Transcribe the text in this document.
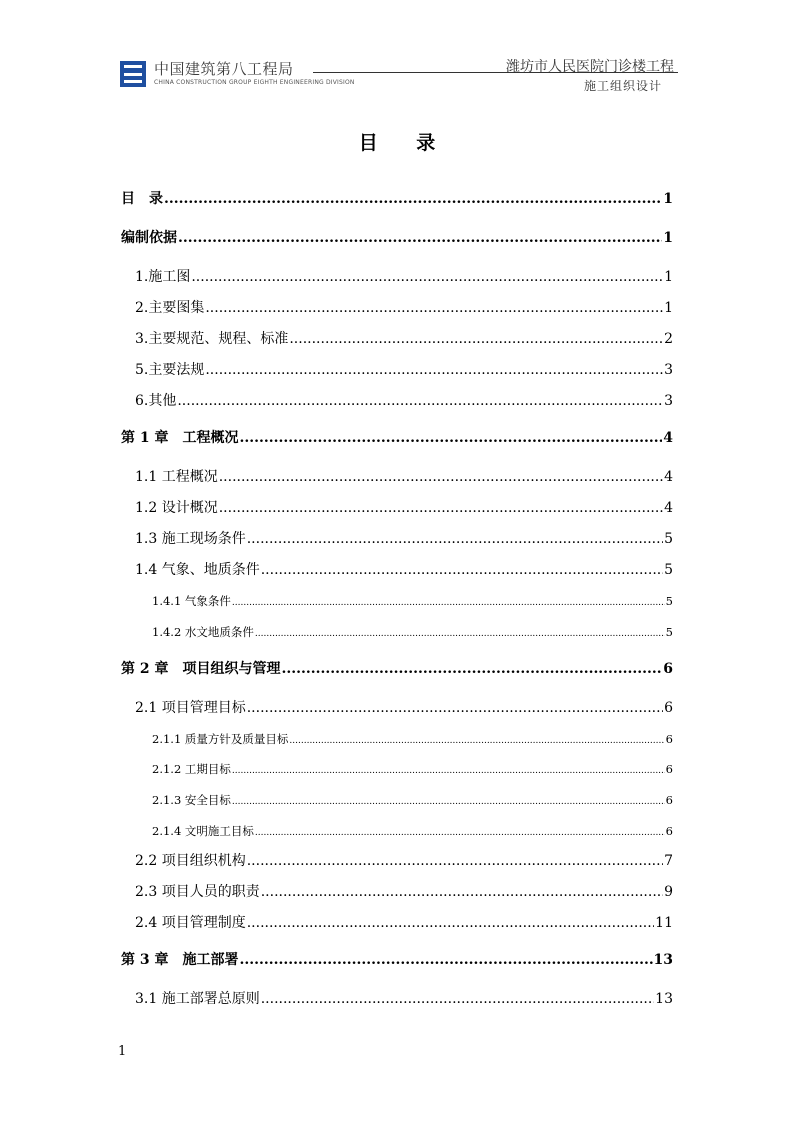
中国建筑第八工程局
CHINA CONSTRUCTION GROUP EIGHTH ENGINEERING DIVISION
潍坊市人民医院门诊楼工程
施工组织设计
目 录
目　录 .....	1
编制依据 .....	1
1.施工图 .....	1
2.主要图集 .....	1
3.主要规范、规程、标准 .....	2
5.主要法规 .....	3
6.其他 .....	3
第 1 章　工程概况 .....	4
1.1 工程概况 .....	4
1.2 设计概况 .....	4
1.3 施工现场条件 .....	5
1.4 气象、地质条件 .....	5
1.4.1 气象条件 .....	5
1.4.2 水文地质条件 .....	5
第 2 章　项目组织与管理 .....	6
2.1 项目管理目标 .....	6
2.1.1 质量方针及质量目标 .....	6
2.1.2 工期目标 .....	6
2.1.3 安全目标 .....	6
2.1.4 文明施工目标 .....	6
2.2 项目组织机构 .....	7
2.3 项目人员的职责 .....	9
2.4 项目管理制度 .....	11
第 3 章　施工部署 .....	13
3.1 施工部署总原则 .....	13
1
